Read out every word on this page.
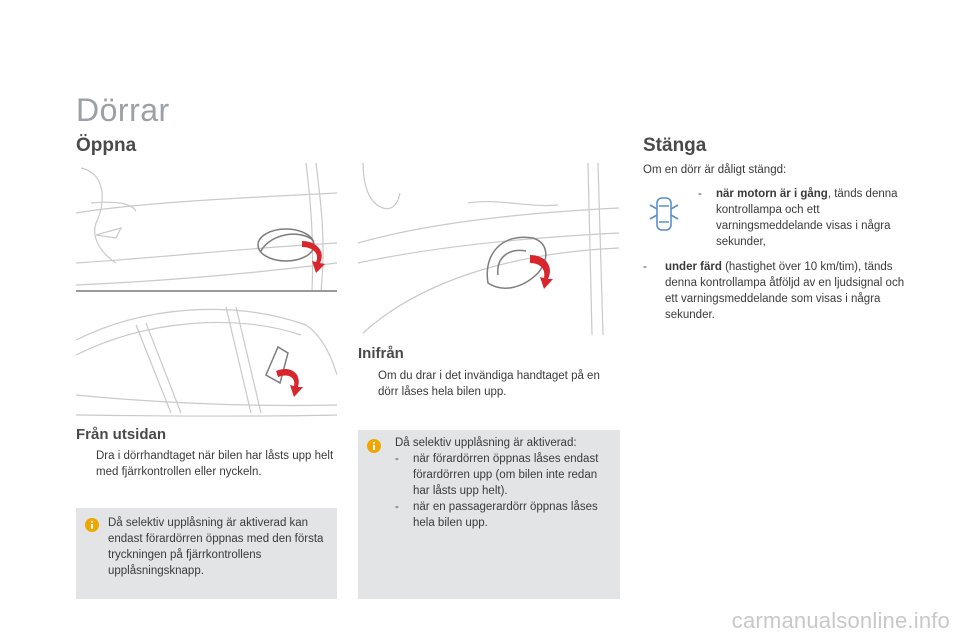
Dörrar
Öppna
Från utsidan
Dra i dörrhandtaget när bilen har låsts upp helt med fjärrkontrollen eller nyckeln.
Då selektiv upplåsning är aktiverad kan endast förardörren öppnas med den första tryckningen på fjärrkontrollens upplåsningsknapp.
Inifrån
Om du drar i det invändiga handtaget på en dörr låses hela bilen upp.
Då selektiv upplåsning är aktiverad:
-	när förardörren öppnas låses endast förardörren upp (om bilen inte redan har låsts upp helt).
-	när en passagerardörr öppnas låses hela bilen upp.
Stänga
Om en dörr är dåligt stängd:
-	när motorn är i gång, tänds denna kontrollampa och ett varningsmeddelande visas i några sekunder,
-	under färd (hastighet över 10 km/tim), tänds denna kontrollampa åtföljd av en ljudsignal och ett varningsmeddelande som visas i några sekunder.
carmanualsonline.info
